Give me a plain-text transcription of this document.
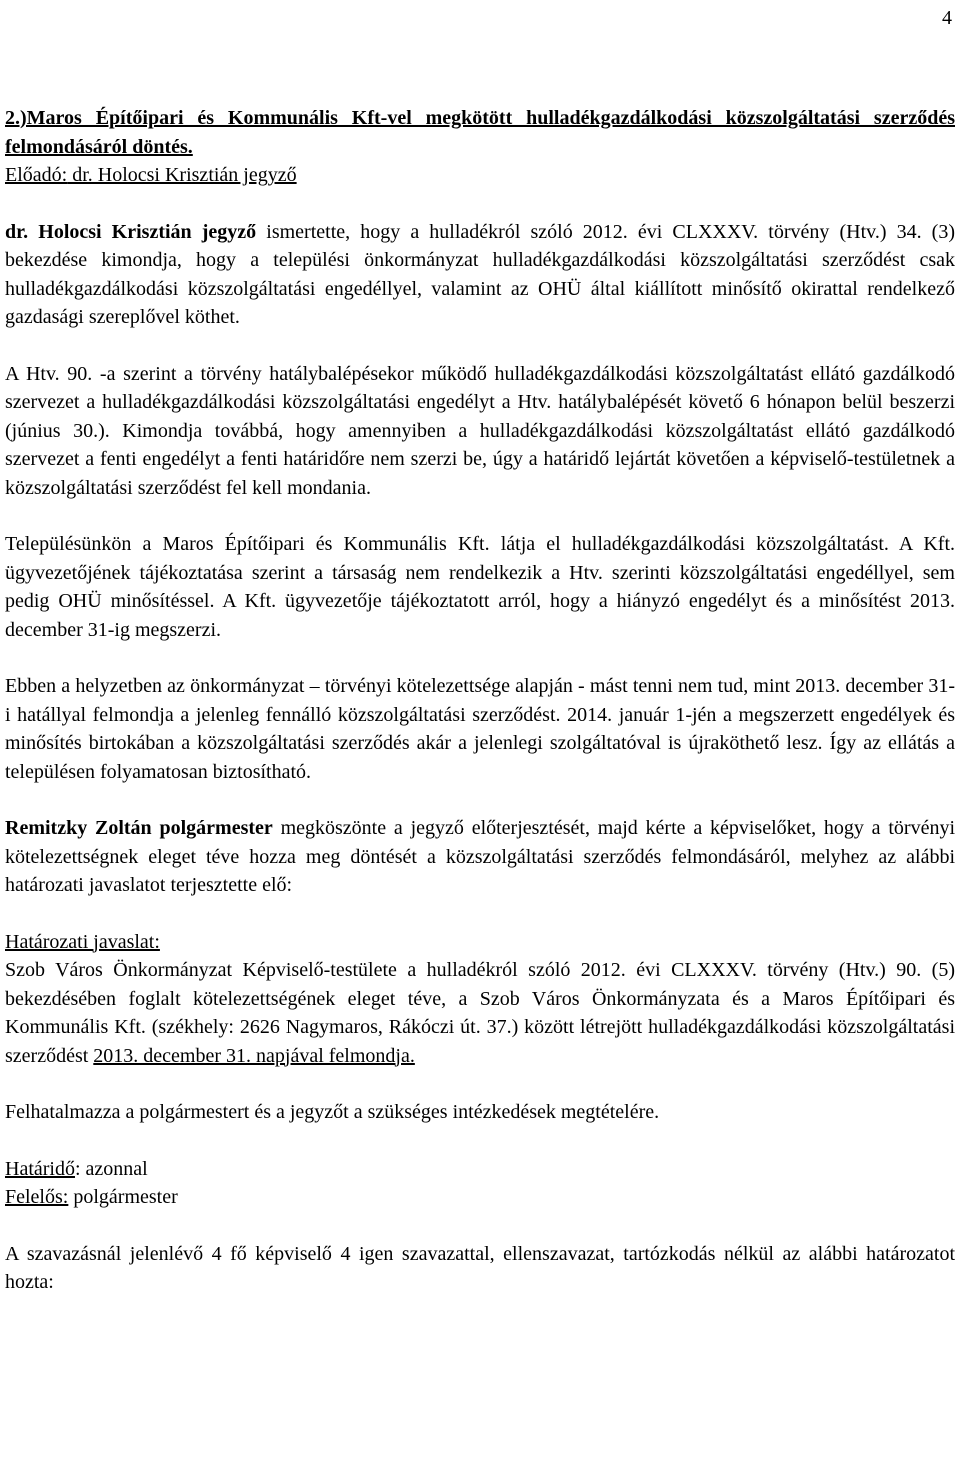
4

2.)Maros Építőipari és Kommunális Kft-vel megkötött hulladékgazdálkodási közszolgáltatási szerződés felmondásáról döntés.

Előadó: dr. Holocsi Krisztián jegyző

dr. Holocsi Krisztián jegyző ismertette, hogy a hulladékról szóló 2012. évi CLXXXV. törvény (Htv.) 34. (3) bekezdése kimondja, hogy a települési önkormányzat hulladékgazdálkodási közszolgáltatási szerződést csak hulladékgazdálkodási közszolgáltatási engedéllyel, valamint az OHÜ által kiállított minősítő okirattal rendelkező gazdasági szereplővel köthet.

A Htv. 90. -a szerint a törvény hatálybalépésekor működő hulladékgazdálkodási közszolgáltatást ellátó gazdálkodó szervezet a hulladékgazdálkodási közszolgáltatási engedélyt a Htv. hatálybalépését követő 6 hónapon belül beszerzi (június 30.). Kimondja továbbá, hogy amennyiben a hulladékgazdálkodási közszolgáltatást ellátó gazdálkodó szervezet a fenti engedélyt a fenti határidőre nem szerzi be, úgy a határidő lejártát követően a képviselő-testületnek a közszolgáltatási szerződést fel kell mondania.

Településünkön a Maros Építőipari és Kommunális Kft. látja el hulladékgazdálkodási közszolgáltatást. A Kft. ügyvezetőjének tájékoztatása szerint a társaság nem rendelkezik a Htv. szerinti közszolgáltatási engedéllyel, sem pedig OHÜ minősítéssel. A Kft. ügyvezetője tájékoztatott arról, hogy a hiányzó engedélyt és a minősítést 2013. december 31-ig megszerzi.

Ebben a helyzetben az önkormányzat – törvényi kötelezettsége alapján - mást tenni nem tud, mint 2013. december 31-i hatállyal felmondja a jelenleg fennálló közszolgáltatási szerződést. 2014. január 1-jén a megszerzett engedélyek és minősítés birtokában a közszolgáltatási szerződés akár a jelenlegi szolgáltatóval is újraköthető lesz. Így az ellátás a településen folyamatosan biztosítható.

Remitzky Zoltán polgármester megköszönte a jegyző előterjesztését, majd kérte a képviselőket, hogy a törvényi kötelezettségnek eleget téve hozza meg döntését a közszolgáltatási szerződés felmondásáról, melyhez az alábbi határozati javaslatot terjesztette elő:

Határozati javaslat:

Szob Város Önkormányzat Képviselő-testülete a hulladékról szóló 2012. évi CLXXXV. törvény (Htv.) 90. (5) bekezdésében foglalt kötelezettségének eleget téve, a Szob Város Önkormányzata és a Maros Építőipari és Kommunális Kft. (székhely: 2626 Nagymaros, Rákóczi út. 37.) között létrejött hulladékgazdálkodási közszolgáltatási szerződést 2013. december 31. napjával felmondja.

Felhatalmazza a polgármestert és a jegyzőt a szükséges intézkedések megtételére.

Határidő: azonnal

Felelős: polgármester

A szavazásnál jelenlévő 4 fő képviselő 4 igen szavazattal, ellenszavazat, tartózkodás nélkül az alábbi határozatot hozta:
